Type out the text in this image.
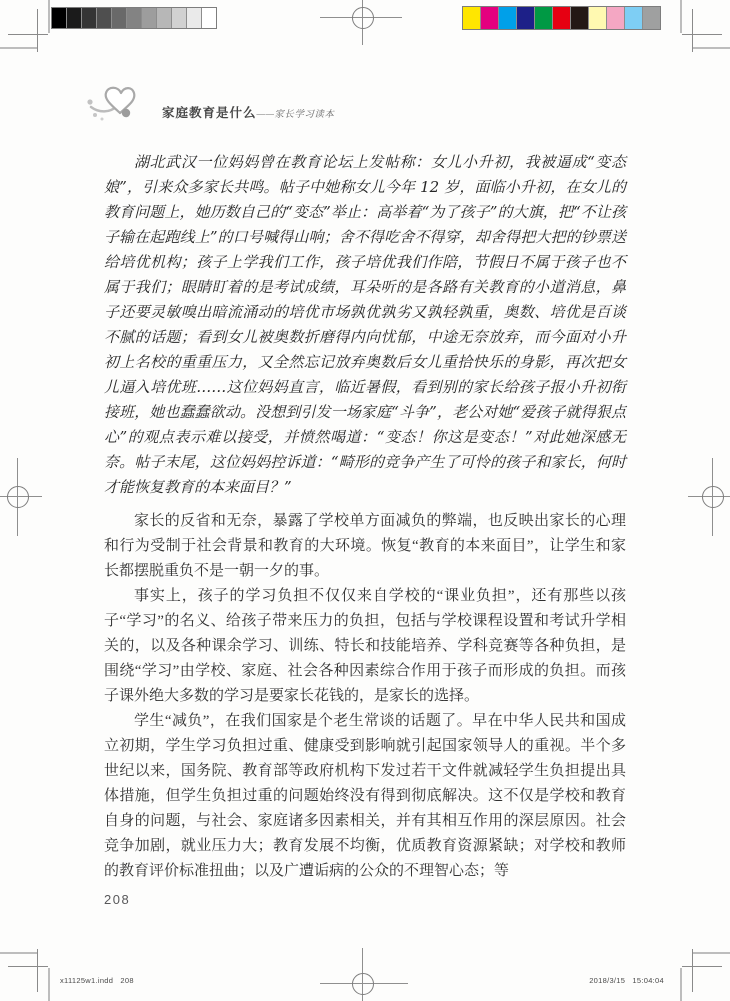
家庭教育是什么——家长学习读本

湖北武汉一位妈妈曾在教育论坛上发帖称：女儿小升初，我被逼成“变态娘”，引来众多家长共鸣。帖子中她称女儿今年 12 岁，面临小升初，在女儿的教育问题上，她历数自己的“变态”举止：高举着“为了孩子”的大旗，把“不让孩子输在起跑线上”的口号喊得山响；舍不得吃舍不得穿，却舍得把大把的钞票送给培优机构；孩子上学我们工作，孩子培优我们作陪，节假日不属于孩子也不属于我们；眼睛盯着的是考试成绩，耳朵听的是各路有关教育的小道消息，鼻子还要灵敏嗅出暗流涌动的培优市场孰优孰劣又孰轻孰重，奥数、培优是百谈不腻的话题；看到女儿被奥数折磨得内向忧郁，中途无奈放弃，而今面对小升初上名校的重重压力，又全然忘记放弃奥数后女儿重拾快乐的身影，再次把女儿逼入培优班……这位妈妈直言，临近暑假，看到别的家长给孩子报小升初衔接班，她也蠢蠢欲动。没想到引发一场家庭“斗争”，老公对她“爱孩子就得狠点心”的观点表示难以接受，并愤然喝道：“变态！你这是变态！”对此她深感无奈。帖子末尾，这位妈妈控诉道：“畸形的竞争产生了可怜的孩子和家长，何时才能恢复教育的本来面目？”

家长的反省和无奈，暴露了学校单方面减负的弊端，也反映出家长的心理和行为受制于社会背景和教育的大环境。恢复“教育的本来面目”，让学生和家长都摆脱重负不是一朝一夕的事。

事实上，孩子的学习负担不仅仅来自学校的“课业负担”，还有那些以孩子“学习”的名义、给孩子带来压力的负担，包括与学校课程设置和考试升学相关的，以及各种课余学习、训练、特长和技能培养、学科竞赛等各种负担，是围绕“学习”由学校、家庭、社会各种因素综合作用于孩子而形成的负担。而孩子课外绝大多数的学习是要家长花钱的，是家长的选择。

学生“减负”，在我们国家是个老生常谈的话题了。早在中华人民共和国成立初期，学生学习负担过重、健康受到影响就引起国家领导人的重视。半个多世纪以来，国务院、教育部等政府机构下发过若干文件就减轻学生负担提出具体措施，但学生负担过重的问题始终没有得到彻底解决。这不仅是学校和教育自身的问题，与社会、家庭诸多因素相关，并有其相互作用的深层原因。社会竞争加剧，就业压力大；教育发展不均衡，优质教育资源紧缺；对学校和教师的教育评价标准扭曲；以及广遭诟病的公众的不理智心态；等

208
x11125w1.indd   208	2018/3/15   15:04:04
